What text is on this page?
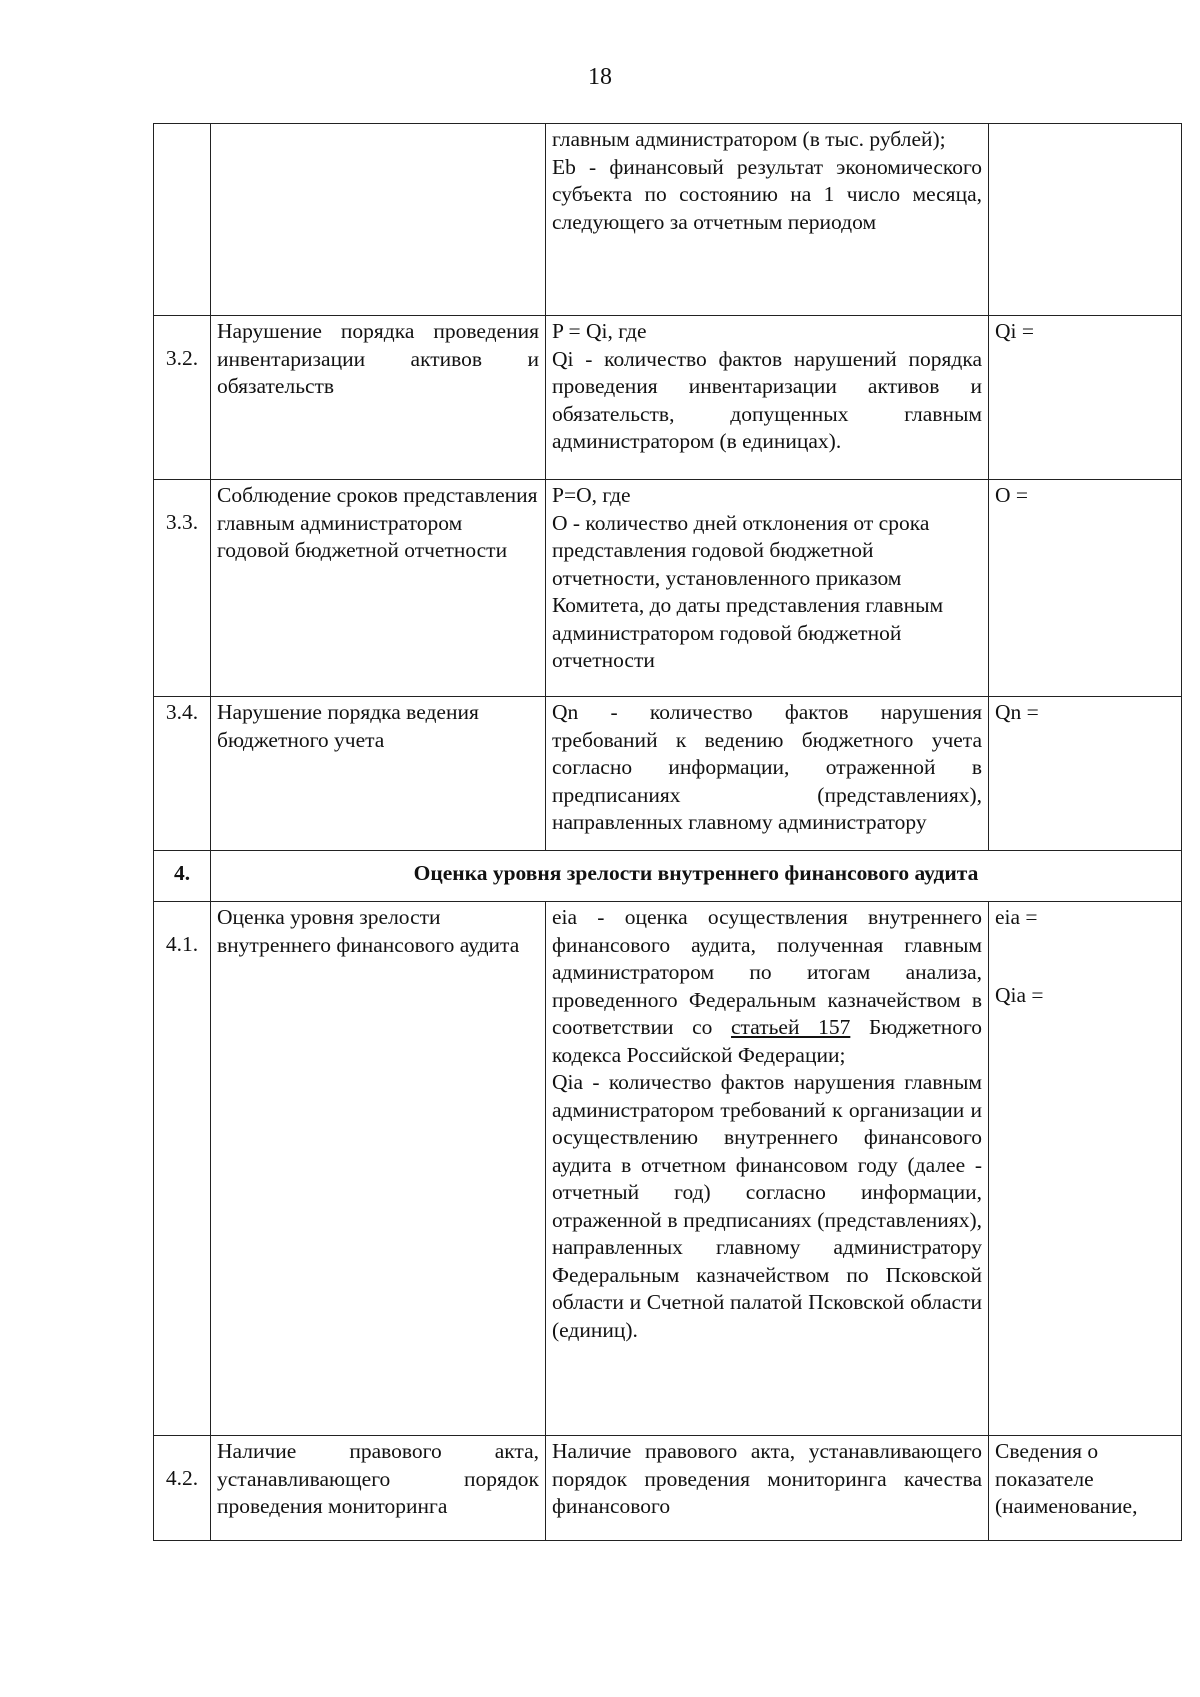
18

		главным администратором (в тыс. рублей);
Eb - финансовый результат экономического субъекта по состоянию на 1 число месяца, следующего за отчетным периодом	

3.2.	Нарушение порядка проведения инвентаризации активов и обязательств	P = Qi, где
Qi - количество фактов нарушений порядка проведения инвентаризации активов и обязательств, допущенных главным администратором (в единицах).	Qi =
3.3.	Соблюдение сроков представления главным администратором годовой бюджетной отчетности	P=O, где
O - количество дней отклонения от срока представления годовой бюджетной отчетности, установленного приказом Комитета, до даты представления главным администратором годовой бюджетной отчетности	O =
3.4.	Нарушение порядка ведения бюджетного учета	Qn - количество фактов нарушения требований к ведению бюджетного учета согласно информации, отраженной в предписаниях (представлениях), направленных главному администратору	Qn =
4.	Оценка уровня зрелости внутреннего финансового аудита		
4.1.	Оценка уровня зрелости внутреннего финансового аудита	eia - оценка осуществления внутреннего финансового аудита, полученная главным администратором по итогам анализа, проведенного Федеральным казначейством в соответствии со статьей 157 Бюджетного кодекса Российской Федерации;
Qia - количество фактов нарушения главным администратором требований к организации и осуществлению внутреннего финансового аудита в отчетном финансовом году (далее - отчетный год) согласно информации, отраженной в предписаниях (представлениях), направленных главному администратору Федеральным казначейством по Псковской области и Счетной палатой Псковской области (единиц).	eia =
Qia =

4.2.	Наличие правового акта, устанавливающего порядок проведения мониторинга	Наличие правового акта, устанавливающего порядок проведения мониторинга качества финансового	Сведения о показателе (наименование,
